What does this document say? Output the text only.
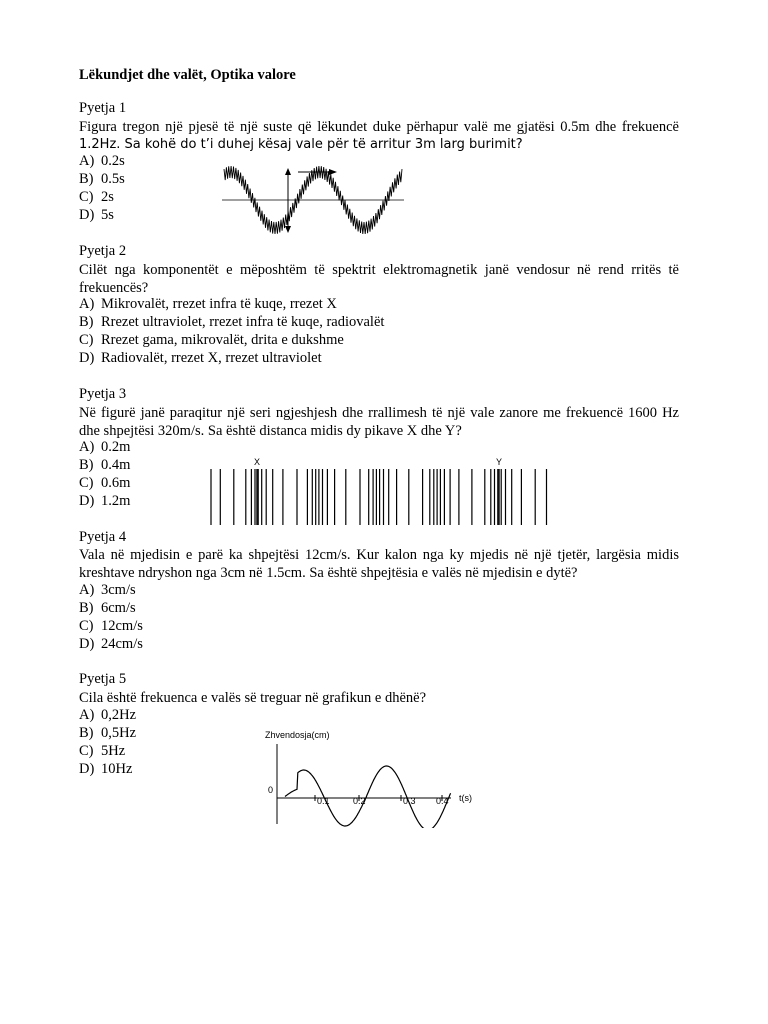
Lëkundjet dhe valët, Optika valore
Pyetja 1
Figura tregon një pjesë të një suste që lëkundet duke përhapur valë me gjatësi 0.5m dhe frekuencë
1.2Hz. Sa kohë do t’i duhej kësaj vale për të arritur 3m larg burimit?
A) 0.2s
B) 0.5s
C) 2s
D) 5s
Pyetja 2
Cilët nga komponentët e mëposhtëm të spektrit elektromagnetik janë vendosur në rend rritës të
frekuencës?
A) Mikrovalët, rrezet infra të kuqe, rrezet X
B) Rrezet ultraviolet, rrezet infra të kuqe, radiovalët
C) Rrezet gama, mikrovalët, drita e dukshme
D) Radiovalët, rrezet X, rrezet ultraviolet
Pyetja 3
Në figurë janë paraqitur një seri ngjeshjesh dhe rrallimesh të një vale zanore me frekuencë 1600 Hz
dhe shpejtësi 320m/s. Sa është distanca midis dy pikave X dhe Y?
A) 0.2m
B) 0.4m
C) 0.6m
D) 1.2m
X	Y
Pyetja 4
Vala në mjedisin e parë ka shpejtësi 12cm/s. Kur kalon nga ky mjedis në një tjetër, largësia midis
kreshtave ndryshon nga 3cm në 1.5cm. Sa është shpejtësia e valës në mjedisin e dytë?
A) 3cm/s
B) 6cm/s
C) 12cm/s
D) 24cm/s
Pyetja 5
Cila është frekuenca e valës së treguar në grafikun e dhënë?
A) 0,2Hz
B) 0,5Hz
C) 5Hz
D) 10Hz
Zhvendosja(cm)
0
t(s)
0.1	0.2	0.3 0.4
